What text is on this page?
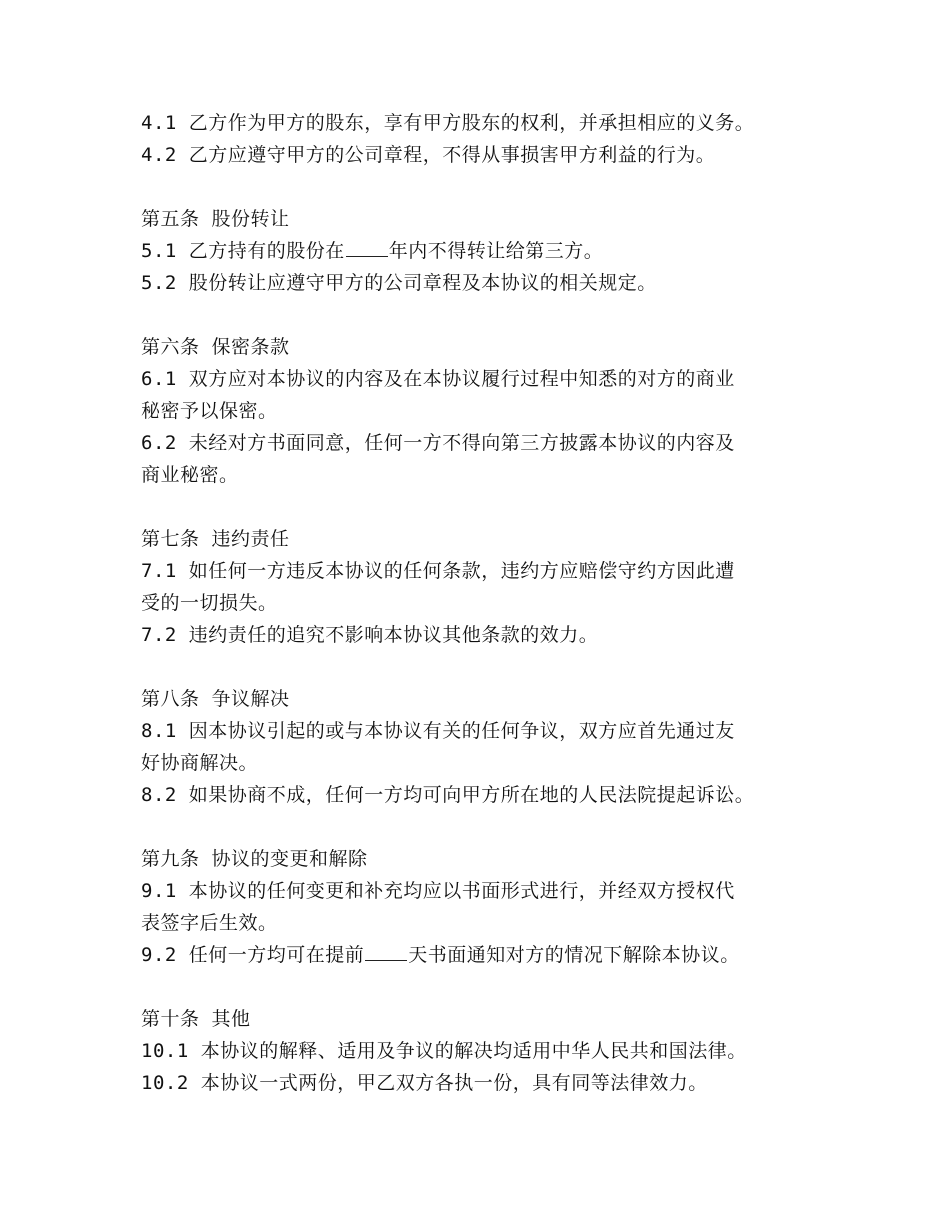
4.1 乙方作为甲方的股东，享有甲方股东的权利，并承担相应的义务。
4.2 乙方应遵守甲方的公司章程，不得从事损害甲方利益的行为。
第五条 股份转让
5.1 乙方持有的股份在 年内不得转让给第三方。
5.2 股份转让应遵守甲方的公司章程及本协议的相关规定。
第六条 保密条款
6.1 双方应对本协议的内容及在本协议履行过程中知悉的对方的商业
秘密予以保密。
6.2 未经对方书面同意，任何一方不得向第三方披露本协议的内容及
商业秘密。
第七条 违约责任
7.1 如任何一方违反本协议的任何条款，违约方应赔偿守约方因此遭
受的一切损失。
7.2 违约责任的追究不影响本协议其他条款的效力。
第八条 争议解决
8.1 因本协议引起的或与本协议有关的任何争议，双方应首先通过友
好协商解决。
8.2 如果协商不成，任何一方均可向甲方所在地的人民法院提起诉讼。
第九条 协议的变更和解除
9.1 本协议的任何变更和补充均应以书面形式进行，并经双方授权代
表签字后生效。
9.2 任何一方均可在提前 天书面通知对方的情况下解除本协议。
第十条 其他
10.1 本协议的解释、适用及争议的解决均适用中华人民共和国法律。
10.2 本协议一式两份，甲乙双方各执一份，具有同等法律效力。
